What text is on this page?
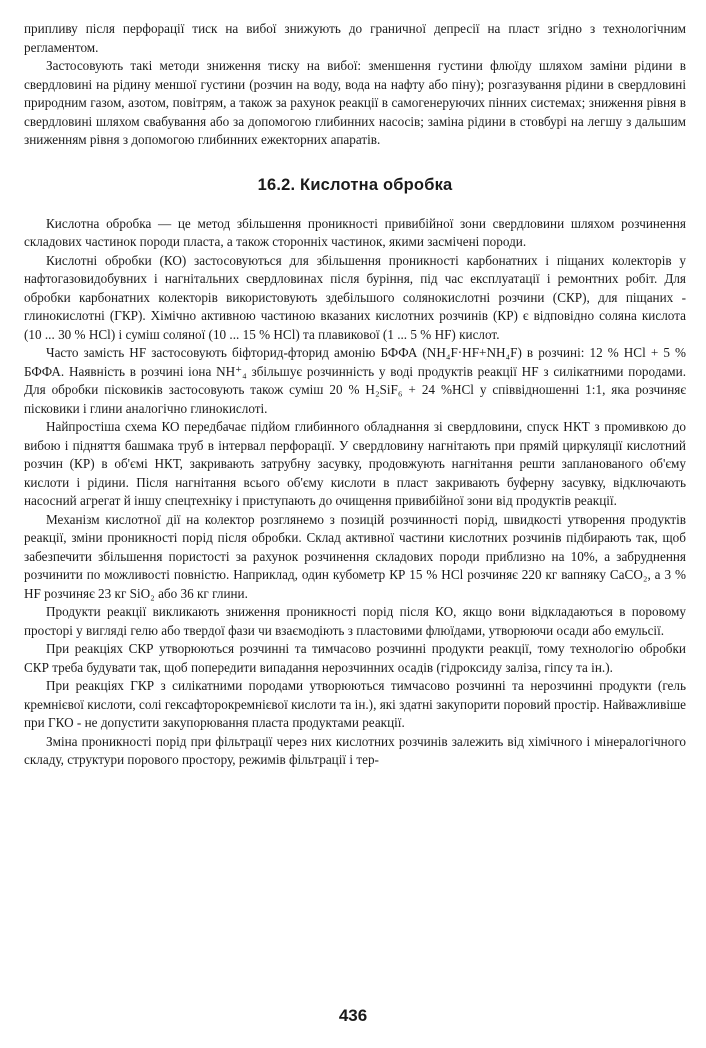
припливу після перфорації тиск на вибої знижують до граничної депресії на пласт згідно з технологічним регламентом.

Застосовують такі методи зниження тиску на вибої: зменшення густини флюїду шляхом заміни рідини в свердловині на рідину меншої густини (розчин на воду, вода на нафту або піну); розгазування рідини в свердловині природним газом, азотом, повітрям, а також за рахунок реакції в самогенеруючих пінних системах; зниження рівня в свердловині шляхом свабування або за допомогою глибинних насосів; заміна рідини в стовбурі на легшу з дальшим зниженням рівня з допомогою глибинних ежекторних апаратів.

16.2. Кислотна обробка

Кислотна обробка — це метод збільшення проникності привибійної зони свердловини шляхом розчинення складових частинок породи пласта, а також сторонніх частинок, якими засмічені породи.

Кислотні обробки (КО) застосовуються для збільшення проникності карбонатних і піщаних колекторів у нафтогазовидобувних і нагнітальних свердловинах після буріння, під час експлуатації і ремонтних робіт. Для обробки карбонатних колекторів використовують здебільшого солянокислотні розчини (СКР), для піщаних - глинокислотні (ГКР). Хімічно активною частиною вказаних кислотних розчинів (КР) є відповідно соляна кислота (10 ... 30 % HCl) і суміш соляної (10 ... 15 % HCl) та плавикової (1 ... 5 % HF) кислот.

Часто замість HF застосовують біфторид-фторид амонію БФФА (NH₄F·HF+NH₄F) в розчині: 12 % HCl + 5 % БФФА. Наявність в розчині іона NH⁺₄ збільшує розчинність у воді продуктів реакції HF з силікатними породами. Для обробки пісковиків застосовують також суміш 20 % H₂SiF₆ + 24 %HCl у співвідношенні 1:1, яка розчиняє пісковики і глини аналогічно глинокислоті.

Найпростіша схема КО передбачає підйом глибинного обладнання зі свердловини, спуск НКТ з промивкою до вибою і підняття башмака труб в інтервал перфорації. У свердловину нагнітають при прямій циркуляції кислотний розчин (КР) в об'ємі НКТ, закривають затрубну засувку, продовжують нагнітання решти запланованого об'єму кислоти і рідини. Після нагнітання всього об'єму кислоти в пласт закривають буферну засувку, відключають насосний агрегат й іншу спецтехніку і приступають до очищення привибійної зони від продуктів реакції.

Механізм кислотної дії на колектор розглянемо з позицій розчинності порід, швидкості утворення продуктів реакції, зміни проникності порід після обробки. Склад активної частини кислотних розчинів підбирають так, щоб забезпечити збільшення пористості за рахунок розчинення складових породи приблизно на 10%, а забруднення розчинити по можливості повністю. Наприклад, один кубометр КР 15 % HCl розчиняє 220 кг вапняку CaCO₂, а 3 % HF розчиняє 23 кг SiO₂ або 36 кг глини.

Продукти реакції викликають зниження проникності порід після КО, якщо вони відкладаються в поровому просторі у вигляді гелю або твердої фази чи взаємодіють з пластовими флюїдами, утворюючи осади або емульсії.

При реакціях СКР утворюються розчинні та тимчасово розчинні продукти реакції, тому технологію обробки СКР треба будувати так, щоб попередити випадання нерозчинних осадів (гідроксиду заліза, гіпсу та ін.).

При реакціях ГКР з силікатними породами утворюються тимчасово розчинні та нерозчинні продукти (гель кремнієвої кислоти, солі гексафторокремнієвої кислоти та ін.), які здатні закупорити поровий простір. Найважливіше при ГКО - не допустити закупорювання пласта продуктами реакції.

Зміна проникності порід при фільтрації через них кислотних розчинів залежить від хімічного і мінералогічного складу, структури порового простору, режимів фільтрації і тер-

436
